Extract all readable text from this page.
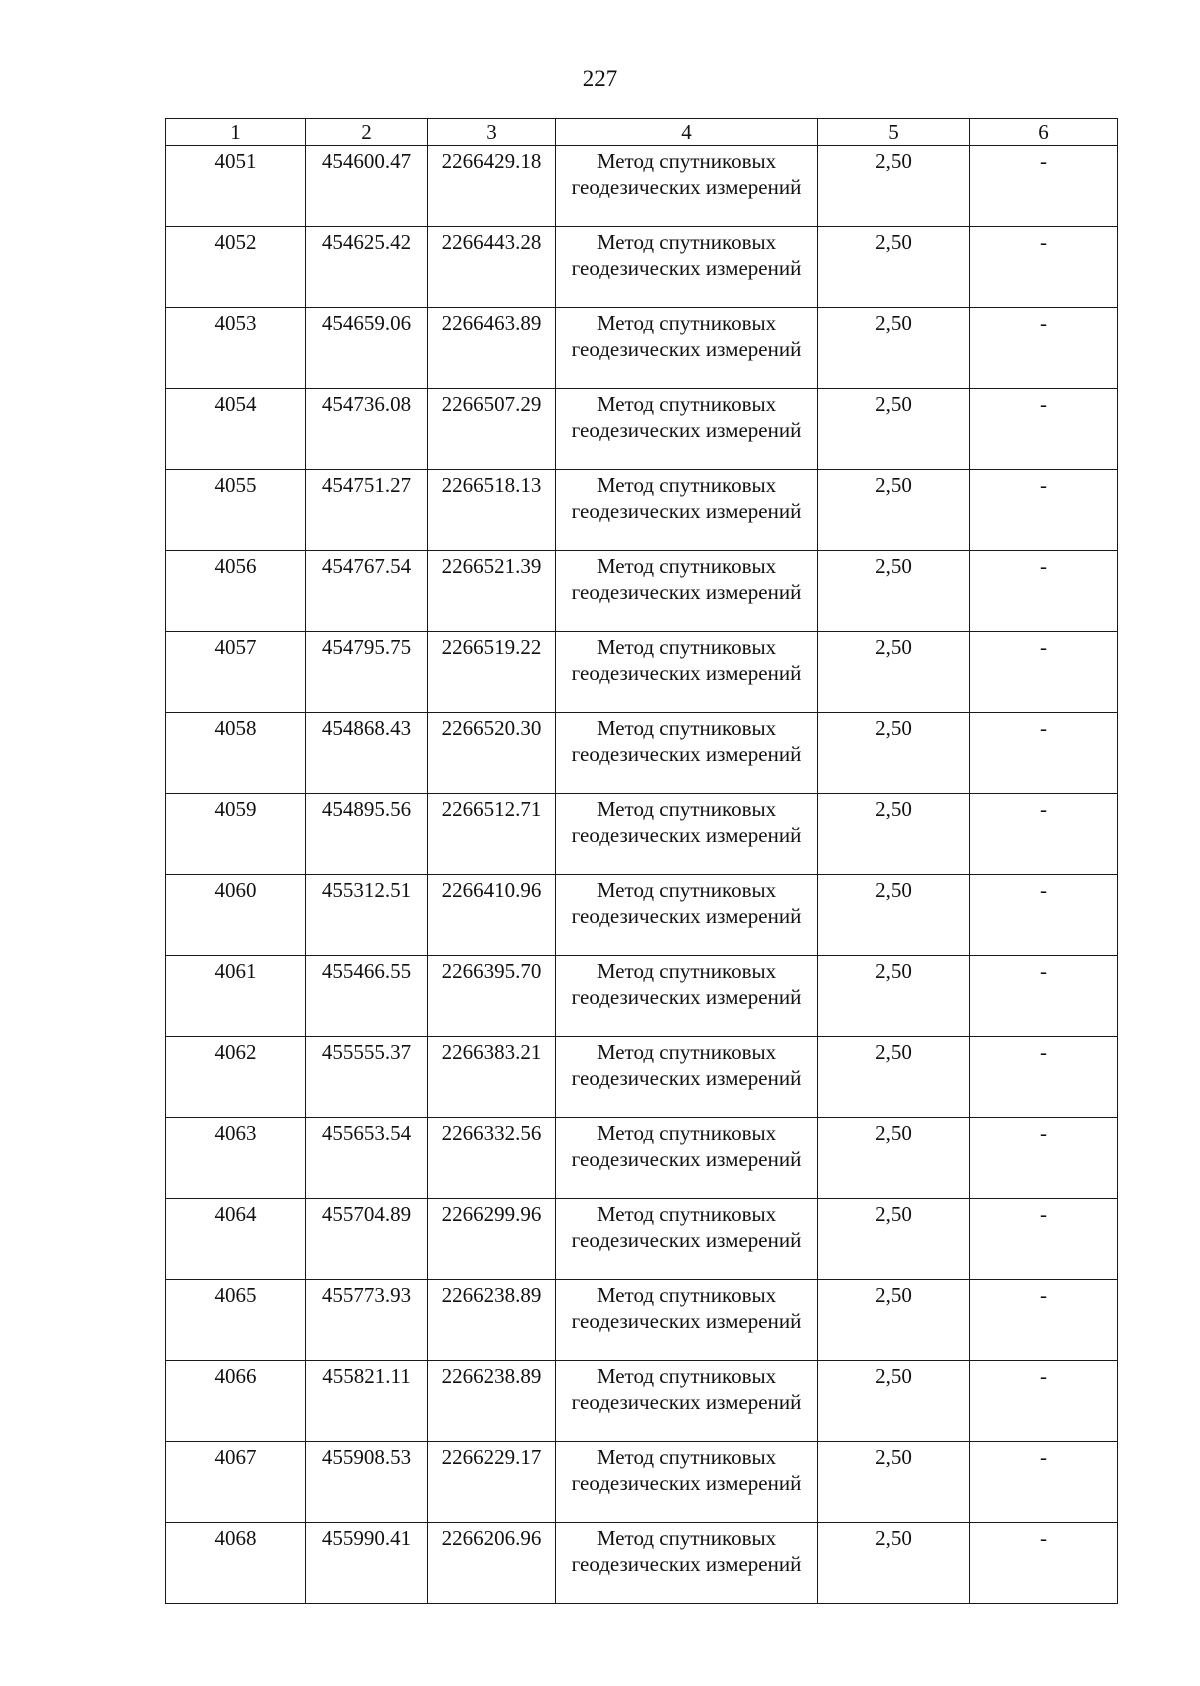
227
1	2	3	4	5	6
4051	454600.47	2266429.18	Метод спутниковых геодезических измерений	2,50	-
4052	454625.42	2266443.28	Метод спутниковых геодезических измерений	2,50	-
4053	454659.06	2266463.89	Метод спутниковых геодезических измерений	2,50	-
4054	454736.08	2266507.29	Метод спутниковых геодезических измерений	2,50	-
4055	454751.27	2266518.13	Метод спутниковых геодезических измерений	2,50	-
4056	454767.54	2266521.39	Метод спутниковых геодезических измерений	2,50	-
4057	454795.75	2266519.22	Метод спутниковых геодезических измерений	2,50	-
4058	454868.43	2266520.30	Метод спутниковых геодезических измерений	2,50	-
4059	454895.56	2266512.71	Метод спутниковых геодезических измерений	2,50	-
4060	455312.51	2266410.96	Метод спутниковых геодезических измерений	2,50	-
4061	455466.55	2266395.70	Метод спутниковых геодезических измерений	2,50	-
4062	455555.37	2266383.21	Метод спутниковых геодезических измерений	2,50	-
4063	455653.54	2266332.56	Метод спутниковых геодезических измерений	2,50	-
4064	455704.89	2266299.96	Метод спутниковых геодезических измерений	2,50	-
4065	455773.93	2266238.89	Метод спутниковых геодезических измерений	2,50	-
4066	455821.11	2266238.89	Метод спутниковых геодезических измерений	2,50	-
4067	455908.53	2266229.17	Метод спутниковых геодезических измерений	2,50	-
4068	455990.41	2266206.96	Метод спутниковых геодезических измерений	2,50	-
